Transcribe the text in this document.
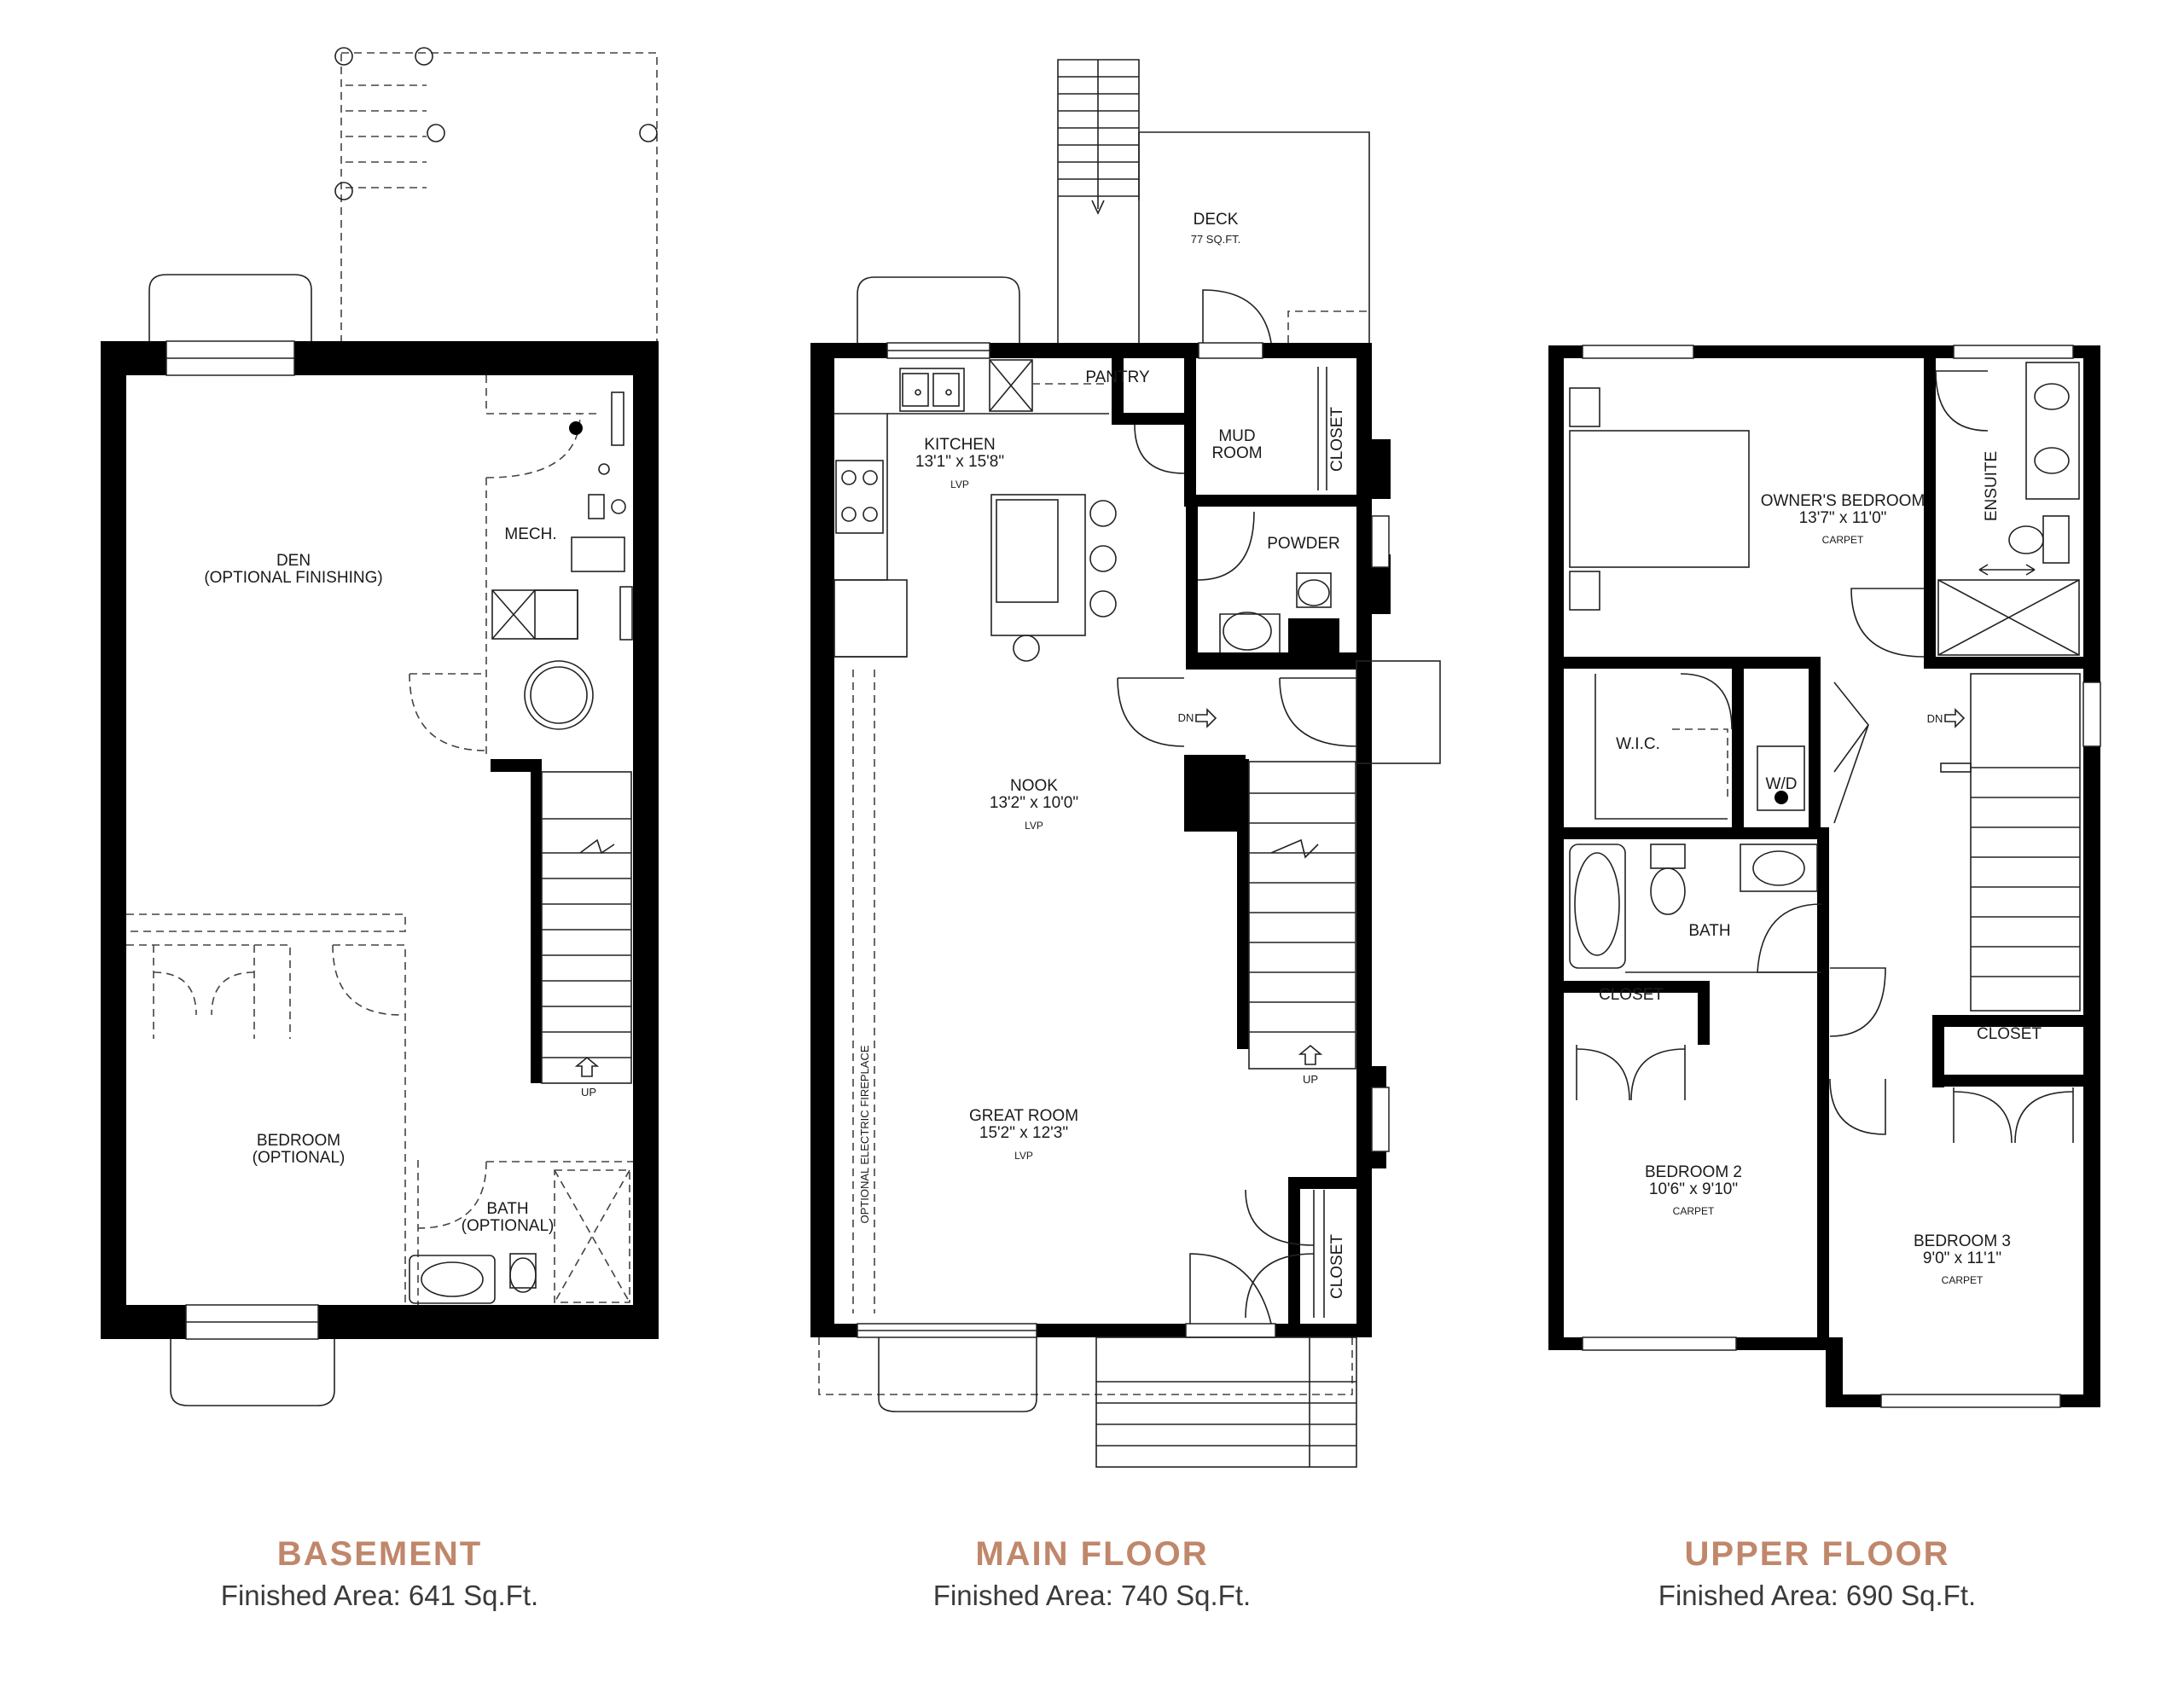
DEN
(OPTIONAL FINISHING)
MECH.
BEDROOM
(OPTIONAL)
BATH
(OPTIONAL)
UP
DECK
77 SQ.FT.
PANTRY
KITCHEN
13'1" x 15'8"
LVP
MUD
ROOM	CLOSET
POWDER
DN
NOOK
13'2" x 10'0"
LVP
GREAT ROOM
15'2" x 12'3"
LVP
OPTIONAL ELECTRIC FIREPLACE	UP
CLOSET
OWNER'S BEDROOM
13'7" x 11'0"
CARPET
ENSUITE
W.I.C.
W/D
DN
BATH
CLOSET
CLOSET
BEDROOM 2
10'6" x 9'10"
CARPET
BEDROOM 3
9'0" x 11'1"
CARPET
BASEMENT
Finished Area: 641 Sq.Ft.
MAIN FLOOR
Finished Area: 740 Sq.Ft.
UPPER FLOOR
Finished Area: 690 Sq.Ft.
